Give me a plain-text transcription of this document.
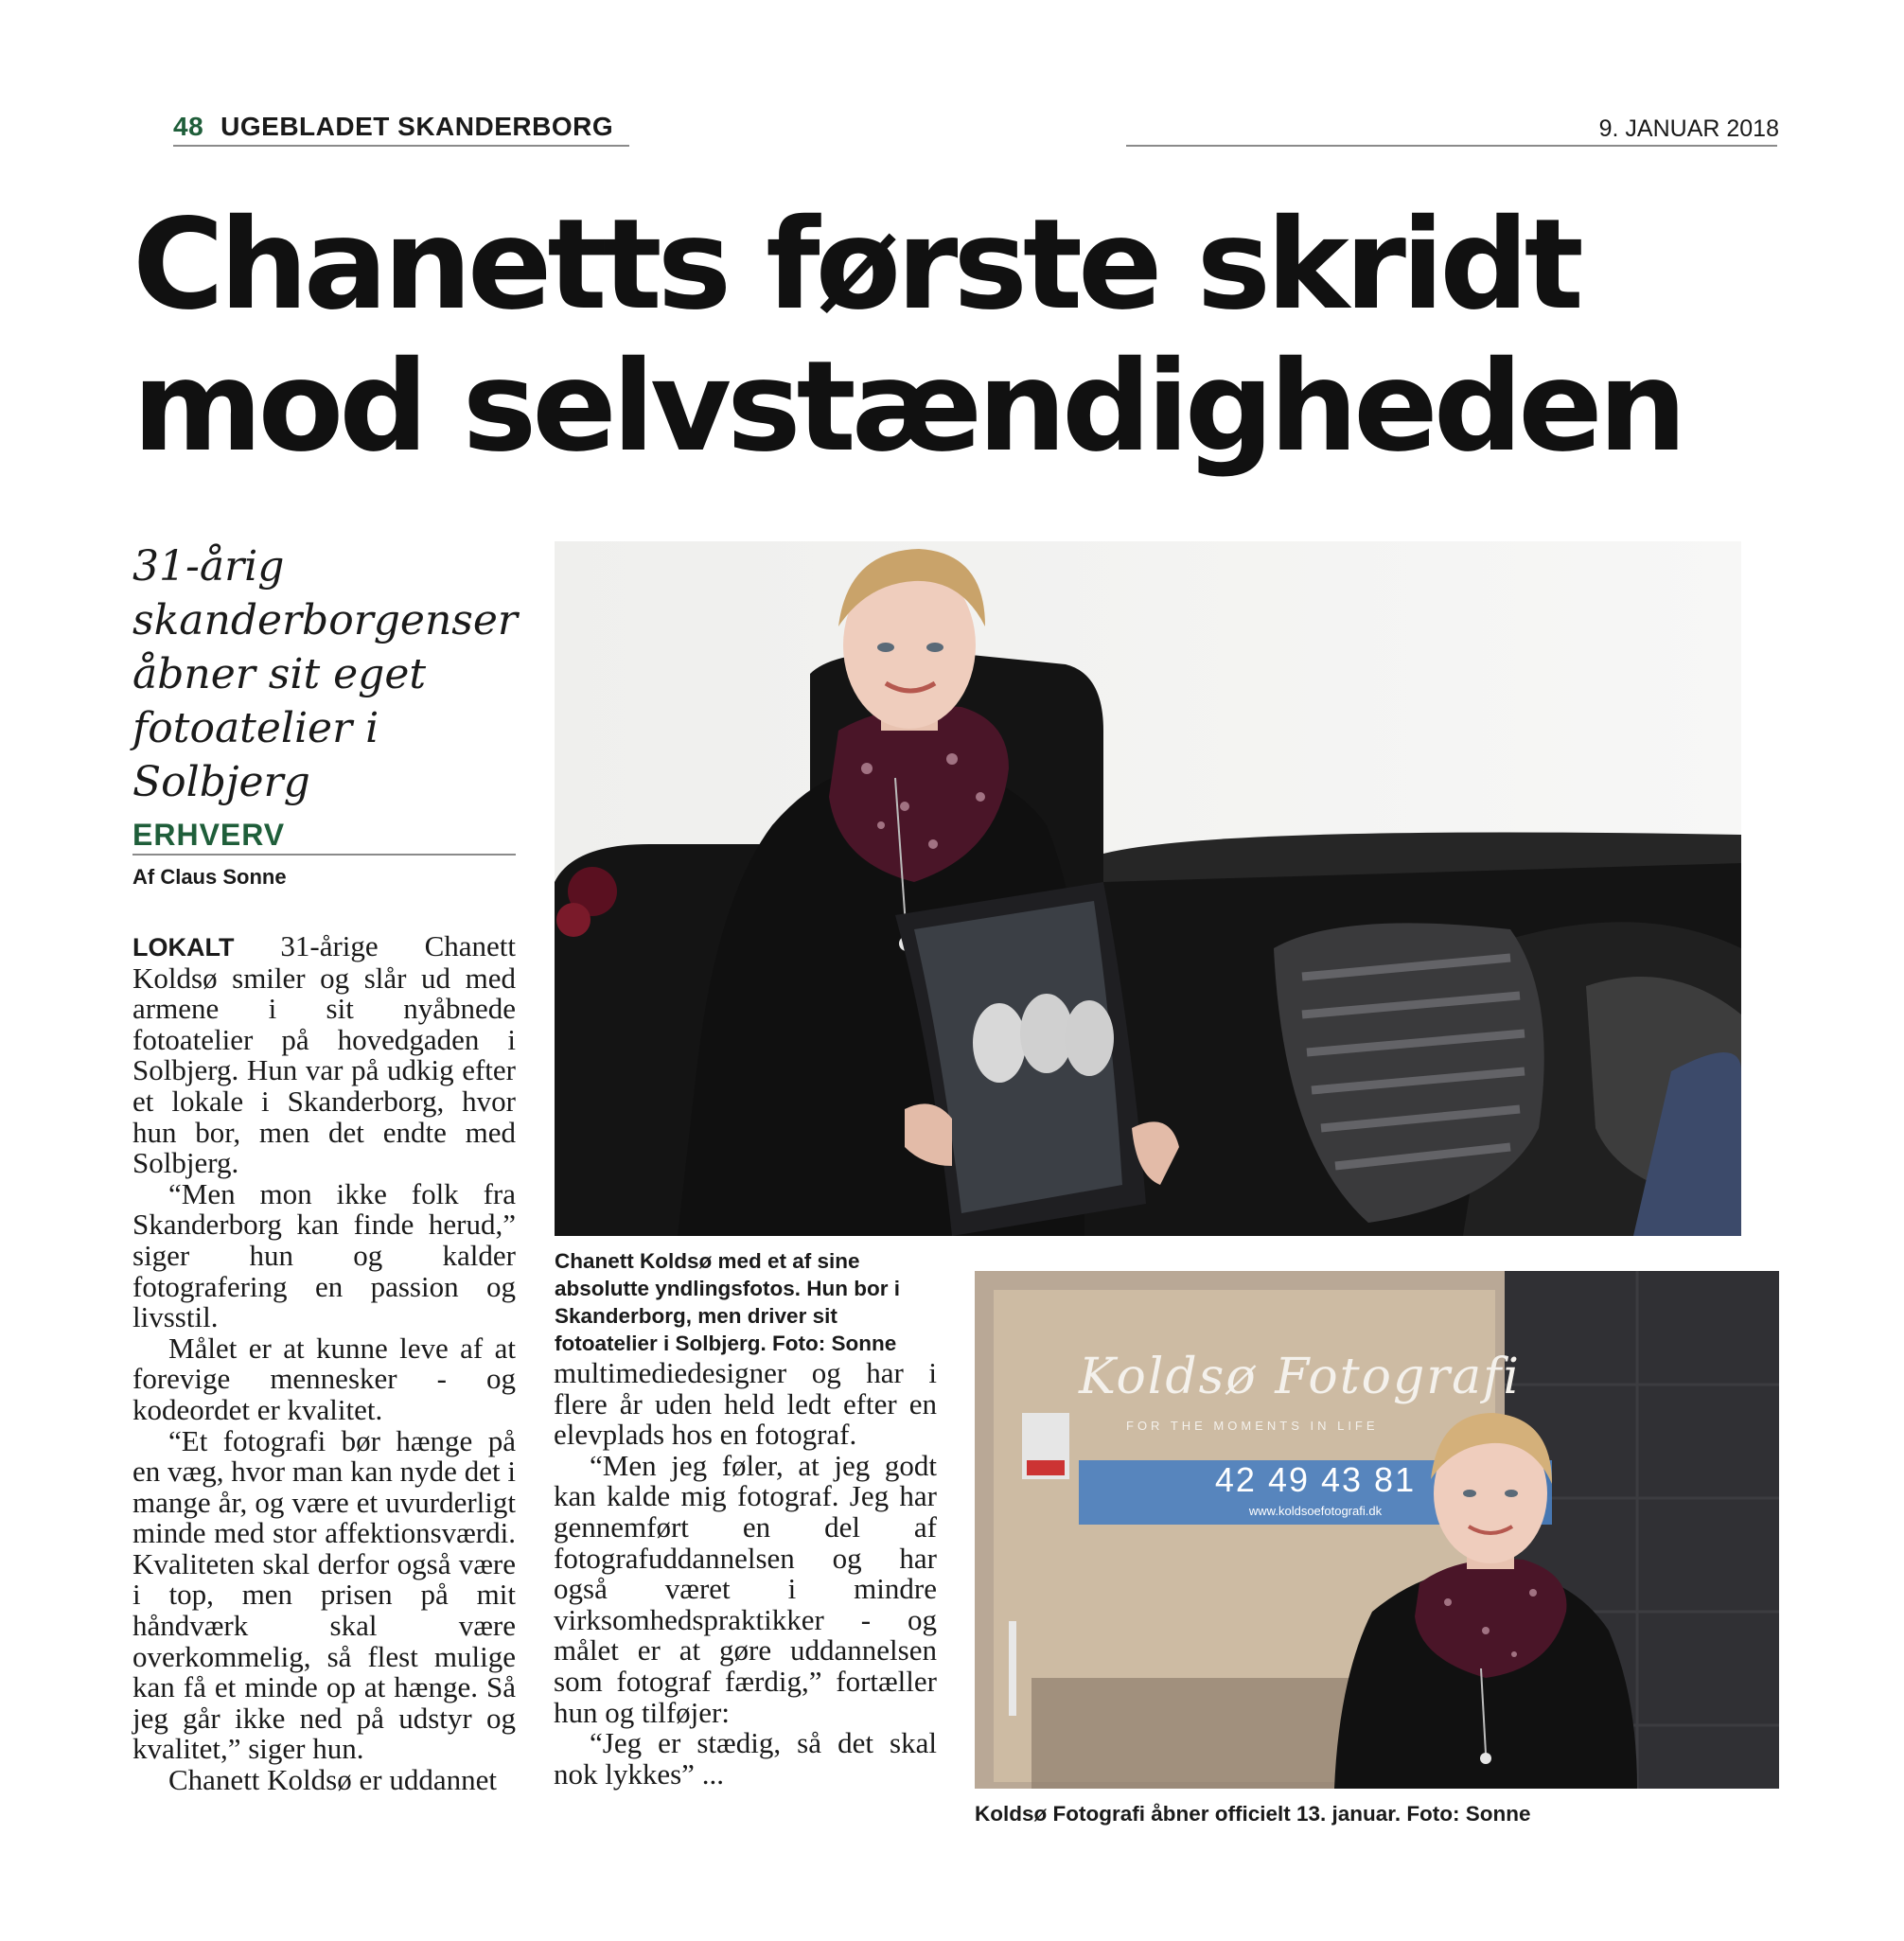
48 UGEBLADET SKANDERBORG	9. JANUAR 2018
Chanetts første skridt
mod selvstændigheden
31-årig skanderborgenser åbner sit eget fotoatelier i Solbjerg
ERHVERV
Af Claus Sonne

LOKALT 31-årige Chanett Koldsø smiler og slår ud med armene i sit nyåbnede fotoatelier på hovedgaden i Solbjerg. Hun var på udkig efter et lokale i Skanderborg, hvor hun bor, men det endte med Solbjerg.

“Men mon ikke folk fra Skanderborg kan finde herud,” siger hun og kalder fotografering en passion og livsstil.

Målet er at kunne leve af at forevige mennesker - og kodeordet er kvalitet.

“Et fotografi bør hænge på en væg, hvor man kan nyde det i mange år, og være et uvurderligt minde med stor affektionsværdi. Kvaliteten skal derfor også være i top, men prisen på mit håndværk skal være overkommelig, så flest mulige kan få et minde op at hænge. Så jeg går ikke ned på udstyr og kvalitet,” siger hun.

Chanett Koldsø er uddannet

Chanett Koldsø med et af sine absolutte yndlingsfotos. Hun bor i Skanderborg, men driver sit fotoatelier i Solbjerg. Foto: Sonne

multimediedesigner og har i flere år uden held ledt efter en elevplads hos en fotograf.

“Men jeg føler, at jeg godt kan kalde mig fotograf. Jeg har gennemført en del af fotografuddannelsen og har også været i mindre virksomhedspraktikker - og målet er at gøre uddannelsen som fotograf færdig,” fortæller hun og tilføjer:

“Jeg er stædig, så det skal nok lykkes” ...

Koldsø Fotografi
FOR THE MOMENTS IN LIFE
42 49 43 81
www.koldsoefotografi.dk
Koldsø Fotografi åbner officielt 13. januar. Foto: Sonne
